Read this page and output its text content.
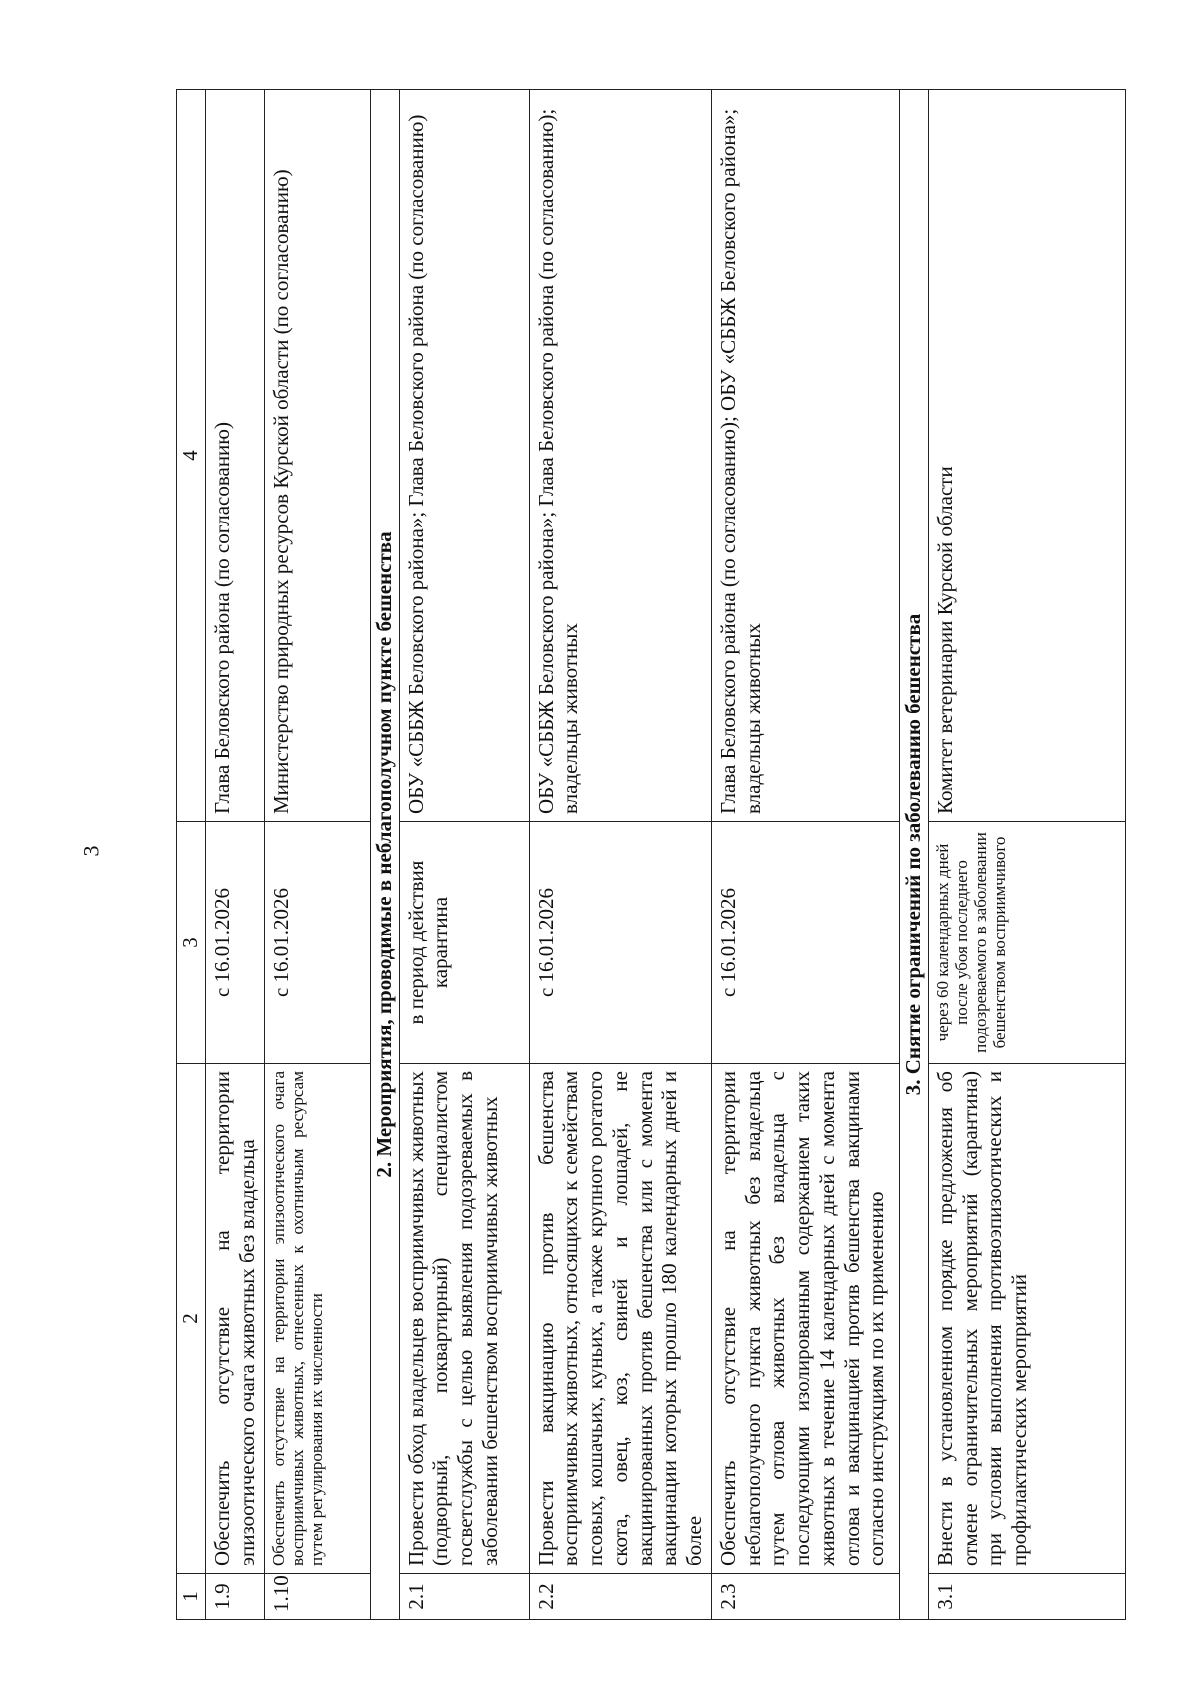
3
1	2	3	4
1.9	Обеспечить отсутствие на территории эпизоотического очага животных без владельца	с 16.01.2026	Глава Беловского района (по согласованию)
1.10	Обеспечить отсутствие на территории эпизоотического очага восприимчивых животных, отнесенных к охотничьим ресурсам путем регулирования их численности	с 16.01.2026	Министерство природных ресурсов Курской области (по согласованию)
2. Мероприятия, проводимые в неблагополучном пункте бешенства			
2.1	Провести обход владельцев восприимчивых животных (подворный, поквартирный) специалистом госветслужбы с целью выявления подозреваемых в заболевании бешенством восприимчивых животных	в период действия карантина	ОБУ «СББЖ Беловского района»; Глава Беловского района (по согласованию)
2.2	Провести вакцинацию против бешенства восприимчивых животных, относящихся к семействам псовых, кошачьих, куньих, а также крупного рогатого скота, овец, коз, свиней и лошадей, не вакцинированных против бешенства или с момента вакцинации которых прошло 180 календарных дней и более	с 16.01.2026	ОБУ «СББЖ Беловского района»; Глава Беловского района (по согласованию); владельцы животных
2.3	Обеспечить отсутствие на территории неблагополучного пункта животных без владельца путем отлова животных без владельца с последующими изолированным содержанием таких животных в течение 14 календарных дней с момента отлова и вакцинацией против бешенства вакцинами согласно инструкциям по их применению	с 16.01.2026	Глава Беловского района (по согласованию); ОБУ «СББЖ Беловского района»; владельцы животных
3. Снятие ограничений по заболеванию бешенства			
3.1	Внести в установленном порядке предложения об отмене ограничительных мероприятий (карантина) при условии выполнения противоэпизоотических и профилактических мероприятий	через 60 календарных дней после убоя последнего подозреваемого в заболевании бешенством восприимчивого	Комитет ветеринарии Курской области
